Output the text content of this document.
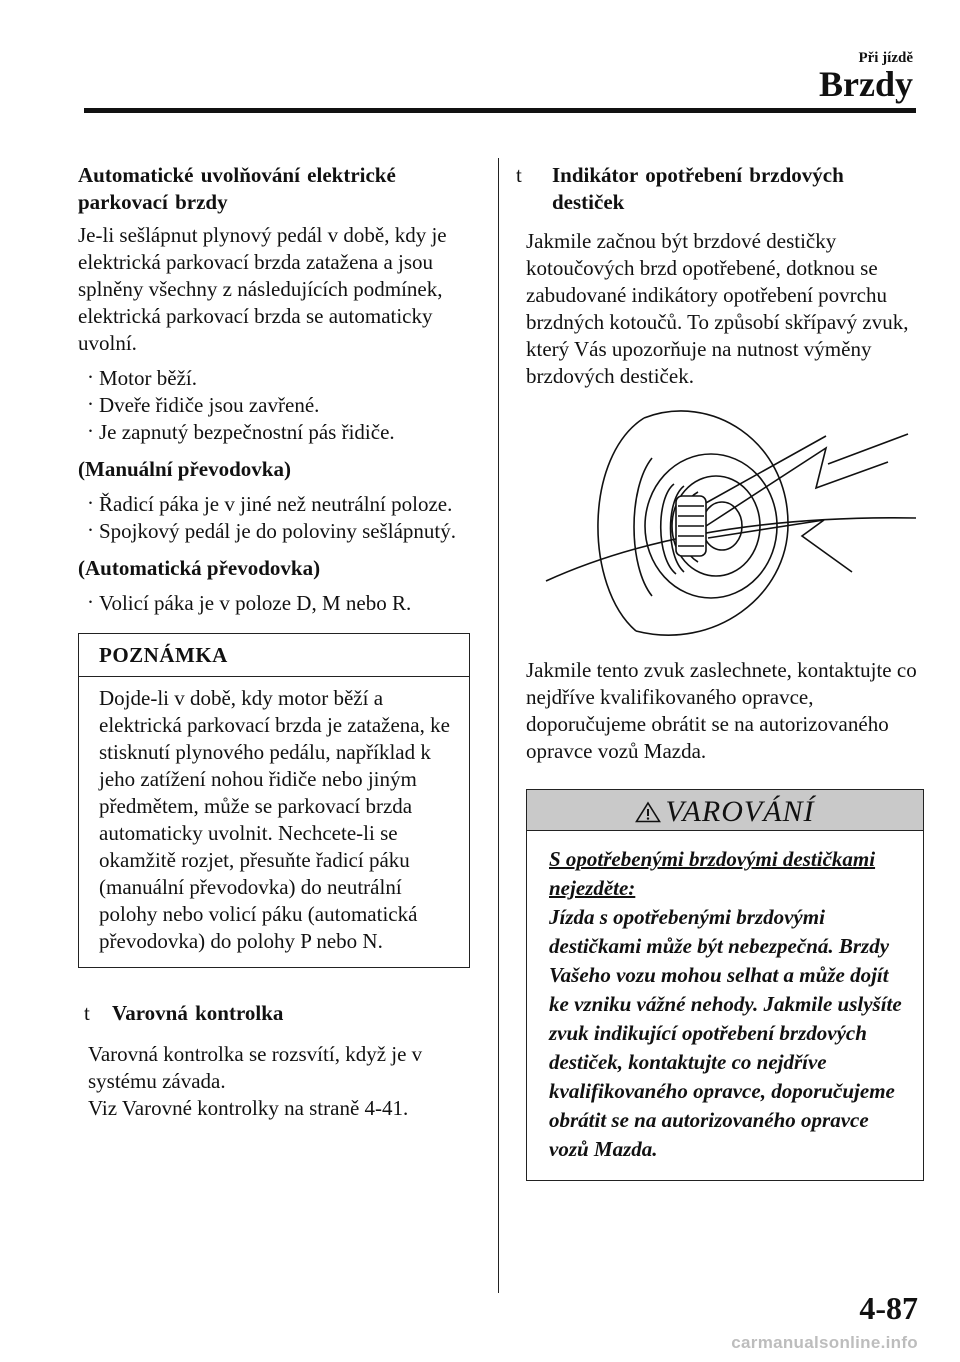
Při jízdě
Brzdy
Automatické uvolňování elektrické parkovací brzdy

Je-li sešlápnut plynový pedál v době, kdy je elektrická parkovací brzda zatažena a jsou splněny všechny z následujících podmínek, elektrická parkovací brzda se automaticky uvolní.

· Motor běží.
· Dveře řidiče jsou zavřené.
· Je zapnutý bezpečnostní pás řidiče.

(Manuální převodovka)

· Řadicí páka je v jiné než neutrální poloze.
· Spojkový pedál je do poloviny sešlápnutý.

(Automatická převodovka)

· Volicí páka je v poloze D, M nebo R.
POZNÁMKA
Dojde-li v době, kdy motor běží a elektrická parkovací brzda je zatažena, ke stisknutí plynového pedálu, například k jeho zatížení nohou řidiče nebo jiným předmětem, může se parkovací brzda automaticky uvolnit. Nechcete-li se okamžitě rozjet, přesuňte řadicí páku (manuální převodovka) do neutrální polohy nebo volicí páku (automatická převodovka) do polohy P nebo N.
t Varovná kontrolka

Varovná kontrolka se rozsvítí, když je v systému závada.

Viz Varovné kontrolky na straně 4-41.

t Indikátor opotřebení brzdových destiček

Jakmile začnou být brzdové destičky kotoučových brzd opotřebené, dotknou se zabudované indikátory opotřebení povrchu brzdných kotoučů. To způsobí skřípavý zvuk, který Vás upozorňuje na nutnost výměny brzdových destiček.

Jakmile tento zvuk zaslechnete, kontaktujte co nejdříve kvalifikovaného opravce, doporučujeme obrátit se na autorizovaného opravce vozů Mazda.

VAROVÁNÍ
S opotřebenými brzdovými destičkami nejezděte:
Jízda s opotřebenými brzdovými destičkami může být nebezpečná. Brzdy Vašeho vozu mohou selhat a může dojít ke vzniku vážné nehody. Jakmile uslyšíte zvuk indikující opotřebení brzdových destiček, kontaktujte co nejdříve kvalifikovaného opravce, doporučujeme obrátit se na autorizovaného opravce vozů Mazda.
4-87
carmanualsonline.info
